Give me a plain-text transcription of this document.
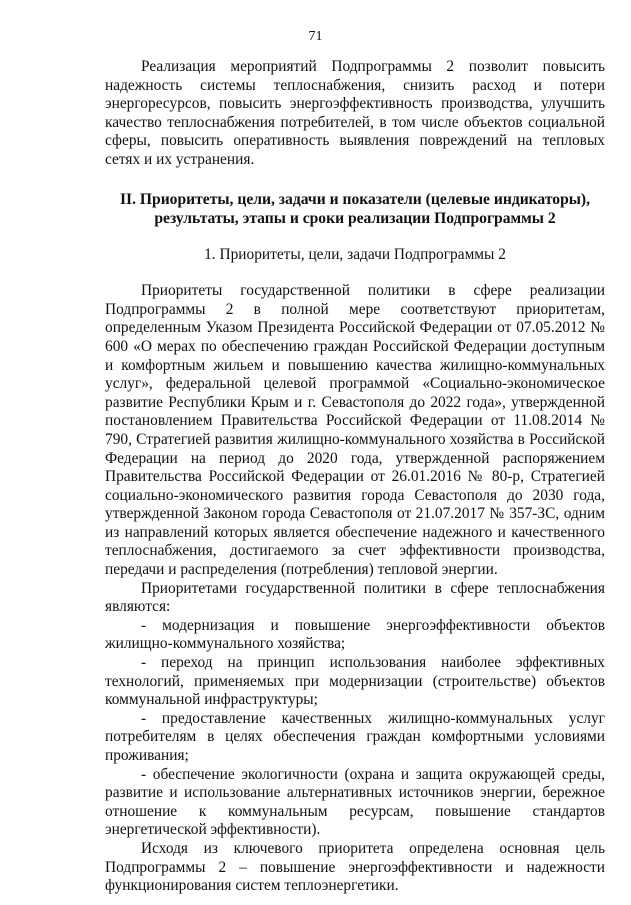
71

Реализация мероприятий Подпрограммы 2 позволит повысить надежность системы теплоснабжения, снизить расход и потери энергоресурсов, повысить энергоэффективность производства, улучшить качество теплоснабжения потребителей, в том числе объектов социальной сферы, повысить оперативность выявления повреждений на тепловых сетях и их устранения.

II. Приоритеты, цели, задачи и показатели (целевые индикаторы),

результаты, этапы и сроки реализации Подпрограммы 2

1. Приоритеты, цели, задачи Подпрограммы 2

Приоритеты государственной политики в сфере реализации Подпрограммы 2 в полной мере соответствуют приоритетам, определенным Указом Президента Российской Федерации от 07.05.2012 № 600 «О мерах по обеспечению граждан Российской Федерации доступным и комфортным жильем и повышению качества жилищно-коммунальных услуг», федеральной целевой программой «Социально-экономическое развитие Республики Крым и г. Севастополя до 2022 года», утвержденной постановлением Правительства Российской Федерации от 11.08.2014 № 790, Стратегией развития жилищно-коммунального хозяйства в Российской Федерации на период до 2020 года, утвержденной распоряжением Правительства Российской Федерации от 26.01.2016 № 80-р, Стратегией социально-экономического развития города Севастополя до 2030 года, утвержденной Законом города Севастополя от 21.07.2017 № 357-ЗС, одним из направлений которых является обеспечение надежного и качественного теплоснабжения, достигаемого за счет эффективности производства, передачи и распределения (потребления) тепловой энергии.

Приоритетами государственной политики в сфере теплоснабжения являются:

- модернизация и повышение энергоэффективности объектов жилищно-коммунального хозяйства;

- переход на принцип использования наиболее эффективных технологий, применяемых при модернизации (строительстве) объектов коммунальной инфраструктуры;

- предоставление качественных жилищно-коммунальных услуг потребителям в целях обеспечения граждан комфортными условиями проживания;

- обеспечение экологичности (охрана и защита окружающей среды, развитие и использование альтернативных источников энергии, бережное отношение к коммунальным ресурсам, повышение стандартов энергетической эффективности).

Исходя из ключевого приоритета определена основная цель Подпрограммы 2 – повышение энергоэффективности и надежности функционирования систем теплоэнергетики.
